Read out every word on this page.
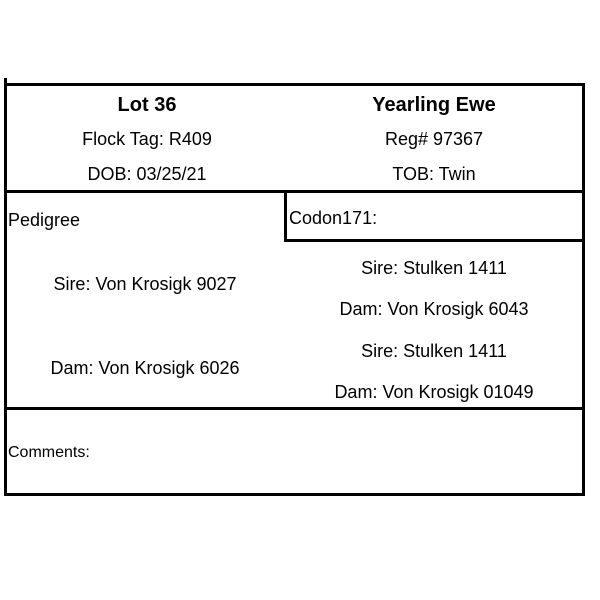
Lot 36
Flock Tag: R409
DOB: 03/25/21
Yearling Ewe
Reg# 97367
TOB: Twin
Pedigree	Codon171:
Sire: Von Krosigk 9027
Dam: Von Krosigk 6026
Sire: Stulken 1411
Dam: Von Krosigk 6043
Sire: Stulken 1411
Dam: Von Krosigk 01049
Comments:
